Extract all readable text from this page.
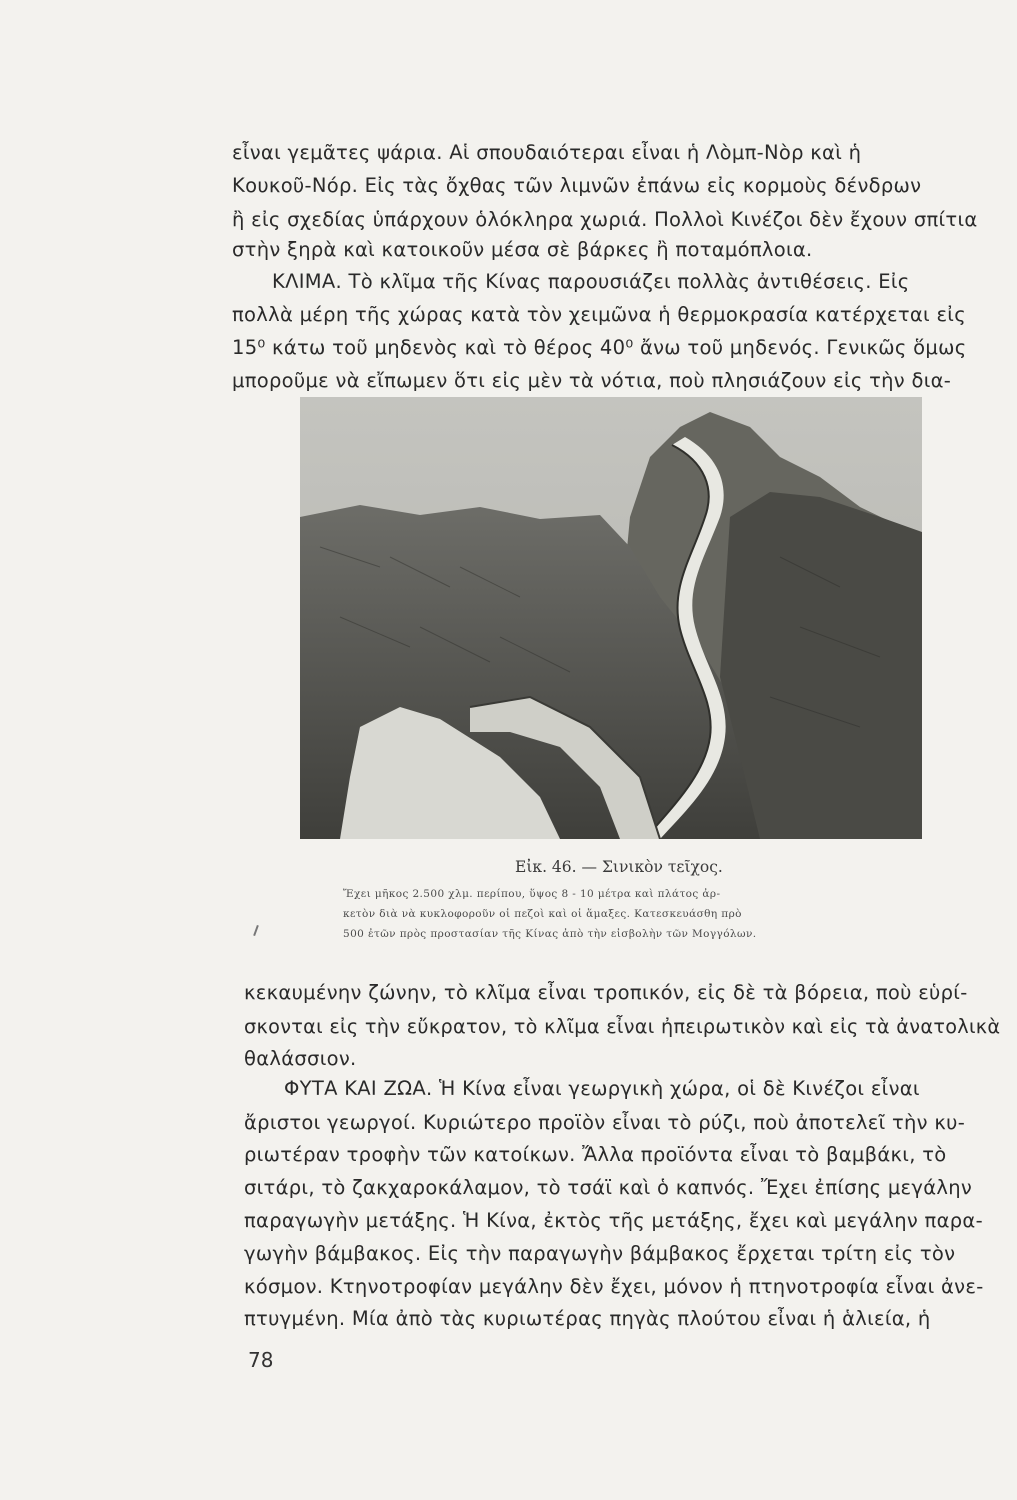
εἶναι γεμᾶτες ψάρια. Αἱ σπουδαιότεραι εἶναι ἡ Λὸμπ-Νὸρ καὶ ἡ
Κουκοῦ-Νόρ. Εἰς τὰς ὄχθας τῶν λιμνῶν ἐπάνω εἰς κορμοὺς δένδρων
ἢ εἰς σχεδίας ὑπάρχουν ὁλόκληρα χωριά. Πολλοὶ Κινέζοι δὲν ἔχουν σπίτια
στὴν ξηρὰ καὶ κατοικοῦν μέσα σὲ βάρκες ἢ ποταμόπλοια.
ΚΛΙΜΑ. Τὸ κλῖμα τῆς Κίνας παρουσιάζει πολλὰς ἀντιθέσεις. Εἰς
πολλὰ μέρη τῆς χώρας κατὰ τὸν χειμῶνα ἡ θερμοκρασία κατέρχεται εἰς
15⁰ κάτω τοῦ μηδενὸς καὶ τὸ θέρος 40⁰ ἄνω τοῦ μηδενός. Γενικῶς ὅμως
μποροῦμε νὰ εἴπωμεν ὅτι εἰς μὲν τὰ νότια, ποὺ πλησιάζουν εἰς τὴν δια-
Εἰκ. 46. — Σινικὸν τεῖχος.
Ἔχει μῆκος 2.500 χλμ. περίπου, ὕψος 8 - 10 μέτρα καὶ πλάτος ἀρ-
κετὸν διὰ νὰ κυκλοφοροῦν οἱ πεζοὶ καὶ οἱ ἅμαξες. Κατεσκευάσθη πρὸ
500 ἐτῶν πρὸς προστασίαν τῆς Κίνας ἀπὸ τὴν εἰσβολὴν τῶν Μογγόλων.
κεκαυμένην ζώνην, τὸ κλῖμα εἶναι τροπικόν, εἰς δὲ τὰ βόρεια, ποὺ εὑρί-
σκονται εἰς τὴν εὔκρατον, τὸ κλῖμα εἶναι ἠπειρωτικὸν καὶ εἰς τὰ ἀνατολικὰ
θαλάσσιον.
ΦΥΤΑ ΚΑΙ ΖΩΑ. Ἡ Κίνα εἶναι γεωργικὴ χώρα, οἱ δὲ Κινέζοι εἶναι
ἄριστοι γεωργοί. Κυριώτερο προϊὸν εἶναι τὸ ρύζι, ποὺ ἀποτελεῖ τὴν κυ-
ριωτέραν τροφὴν τῶν κατοίκων. Ἄλλα προϊόντα εἶναι τὸ βαμβάκι, τὸ
σιτάρι, τὸ ζακχαροκάλαμον, τὸ τσάϊ καὶ ὁ καπνός. Ἔχει ἐπίσης μεγάλην
παραγωγὴν μετάξης. Ἡ Κίνα, ἐκτὸς τῆς μετάξης, ἔχει καὶ μεγάλην παρα-
γωγὴν βάμβακος. Εἰς τὴν παραγωγὴν βάμβακος ἔρχεται τρίτη εἰς τὸν
κόσμον. Κτηνοτροφίαν μεγάλην δὲν ἔχει, μόνον ἡ πτηνοτροφία εἶναι ἀνε-
πτυγμένη. Μία ἀπὸ τὰς κυριωτέρας πηγὰς πλούτου εἶναι ἡ ἁλιεία, ἡ
78
